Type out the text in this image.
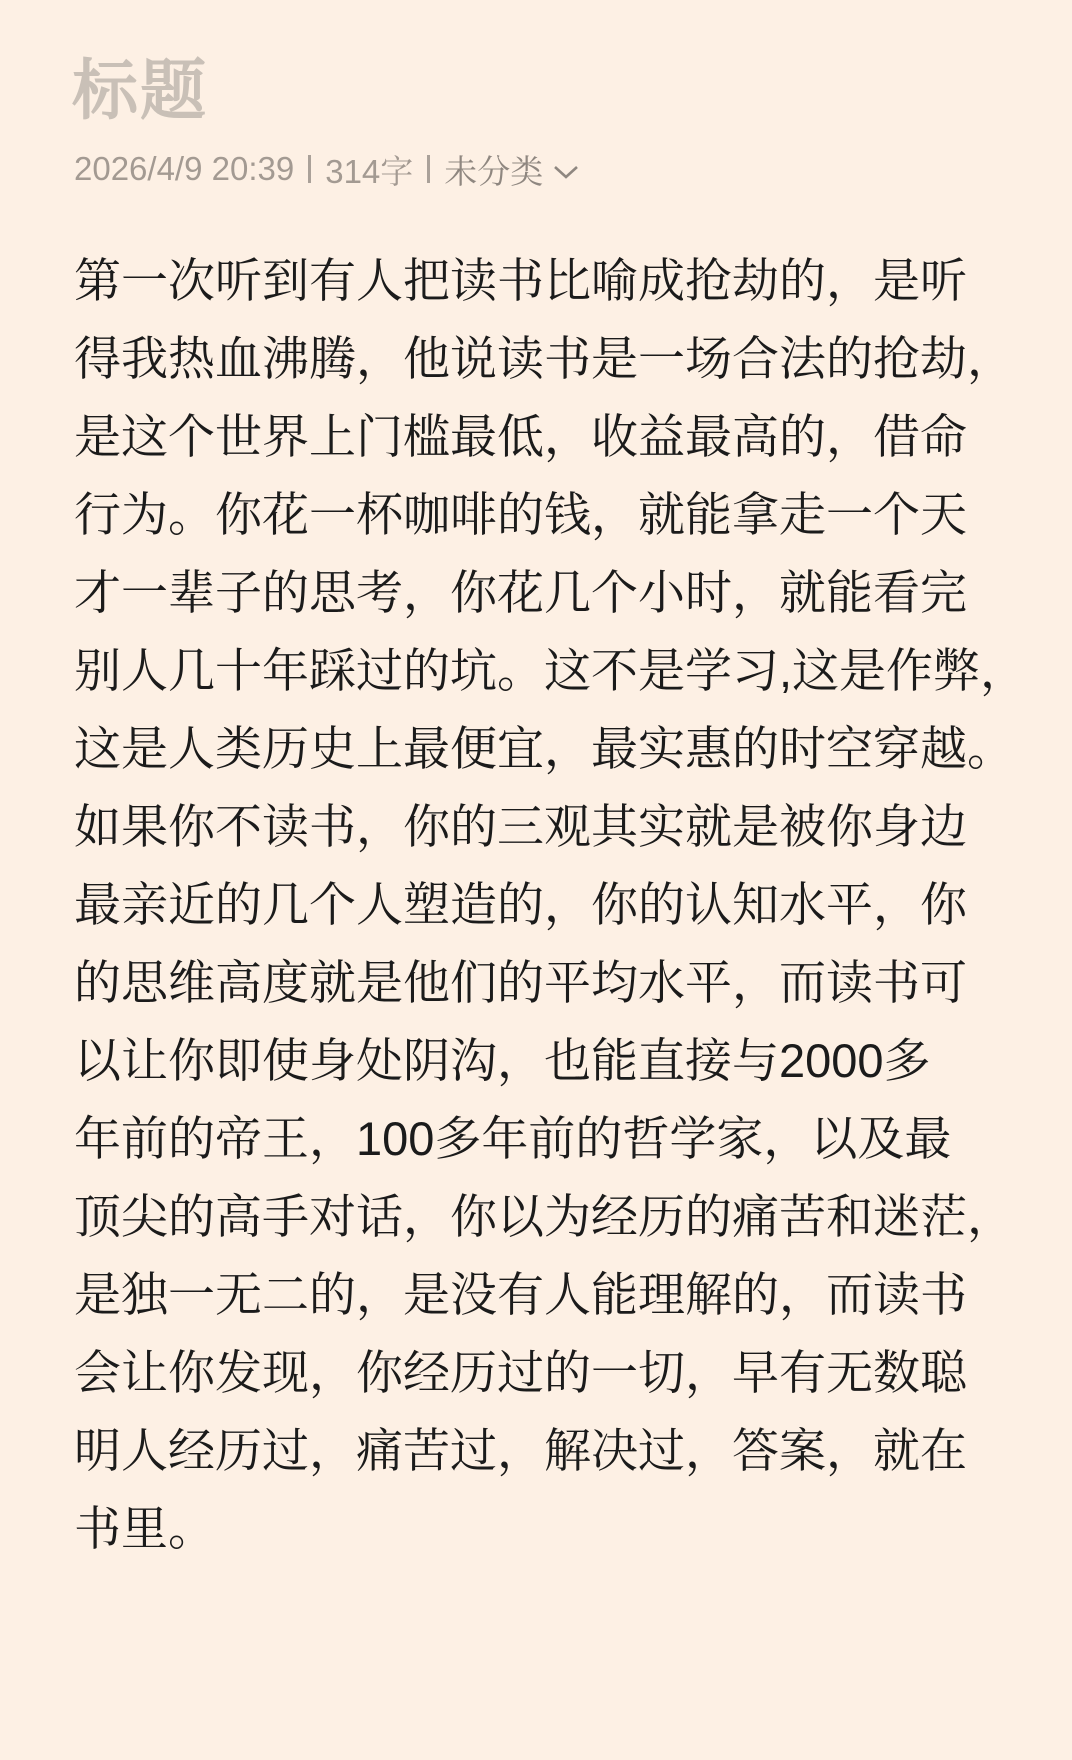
标题
2026/4/9 20:39 314字 未分类
第一次听到有人把读书比喻成抢劫的，是听
得我热血沸腾，他说读书是一场合法的抢劫，
是这个世界上门槛最低，收益最高的，借命
行为。你花一杯咖啡的钱，就能拿走一个天
才一辈子的思考，你花几个小时，就能看完
别人几十年踩过的坑。这不是学习,这是作弊，
这是人类历史上最便宜，最实惠的时空穿越。
如果你不读书，你的三观其实就是被你身边
最亲近的几个人塑造的，你的认知水平，你
的思维高度就是他们的平均水平，而读书可
以让你即使身处阴沟，也能直接与2000多
年前的帝王，100多年前的哲学家，以及最
顶尖的高手对话，你以为经历的痛苦和迷茫，
是独一无二的，是没有人能理解的，而读书
会让你发现，你经历过的一切，早有无数聪
明人经历过，痛苦过，解决过，答案，就在
书里。
